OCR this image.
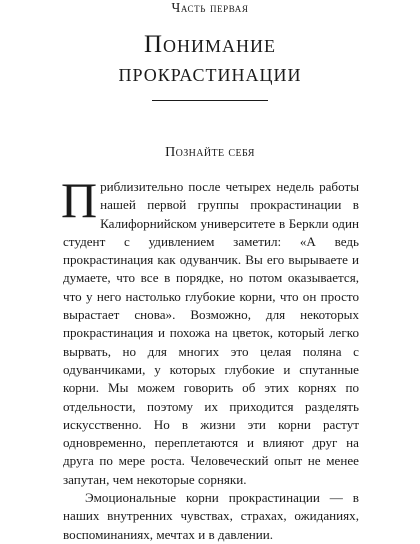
Часть первая
Понимание
прокрастинации
Познайте себя

Приблизительно после четырех недель работы нашей первой группы прокрастинации в Калифорнийском университете в Беркли один студент с удивлением заметил: «А ведь прокрастинация как одуванчик. Вы его вырываете и думаете, что все в порядке, но потом оказывается, что у него настолько глубокие корни, что он просто вырастает снова». Возможно, для некоторых прокрастинация и похожа на цветок, который легко вырвать, но для многих это целая поляна с одуванчиками, у которых глубокие и спутанные корни. Мы можем говорить об этих корнях по отдельности, поэтому их приходится разделять искусственно. Но в жизни эти корни растут одновременно, переплетаются и влияют друг на друга по мере роста. Человеческий опыт не менее запутан, чем некоторые сорняки.

Эмоциональные корни прокрастинации — в наших внутренних чувствах, страхах, ожиданиях, воспоминаниях, мечтах и в давлении.
